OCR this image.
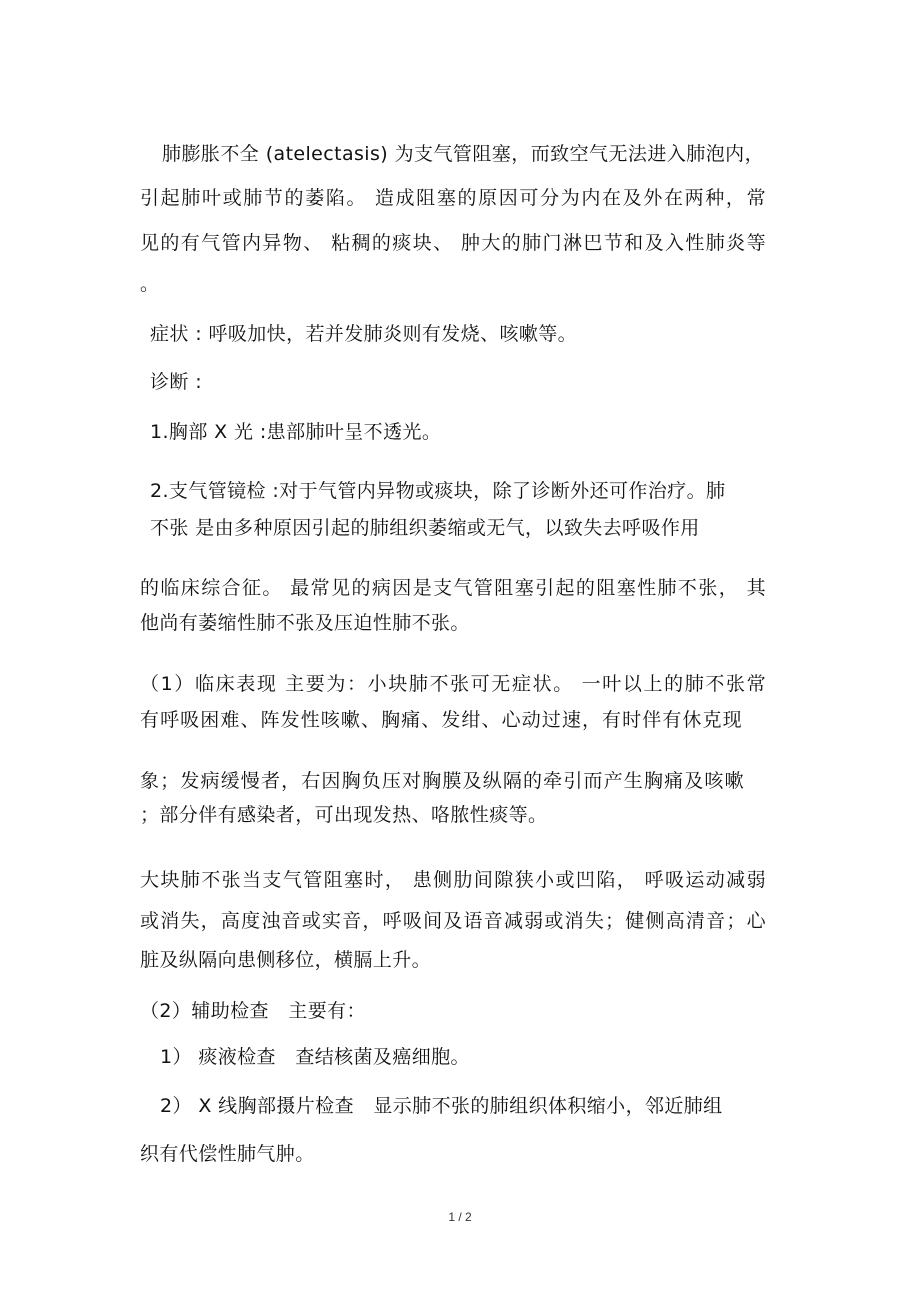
肺膨胀不全 (atelectasis) 为支气管阻塞，而致空气无法进入肺泡内，
引起肺叶或肺节的萎陷。 造成阻塞的原因可分为内在及外在两种，常
见的有气管内异物、 粘稠的痰块、 肿大的肺门淋巴节和及入性肺炎等
。
症状 : 呼吸加快，若并发肺炎则有发烧、咳嗽等。
诊断 :
1.胸部 X 光 :患部肺叶呈不透光。
2.支气管镜检 :对于气管内异物或痰块，除了诊断外还可作治疗。肺
不张 是由多种原因引起的肺组织萎缩或无气，以致失去呼吸作用
的临床综合征。 最常见的病因是支气管阻塞引起的阻塞性肺不张， 其
他尚有萎缩性肺不张及压迫性肺不张。
（1）临床表现 主要为：小块肺不张可无症状。 一叶以上的肺不张常
有呼吸困难、阵发性咳嗽、胸痛、发绀、心动过速，有时伴有休克现
象；发病缓慢者，右因胸负压对胸膜及纵隔的牵引而产生胸痛及咳嗽
；部分伴有感染者，可出现发热、咯脓性痰等。
大块肺不张当支气管阻塞时， 患侧肋间隙狭小或凹陷， 呼吸运动减弱
或消失，高度浊音或实音，呼吸间及语音减弱或消失；健侧高清音；心
脏及纵隔向患侧移位，横膈上升。
（2）辅助检查　主要有：
1） 痰液检查　查结核菌及癌细胞。
2） X 线胸部摄片检查　显示肺不张的肺组织体积缩小，邻近肺组
织有代偿性肺气肿。
1 / 2
